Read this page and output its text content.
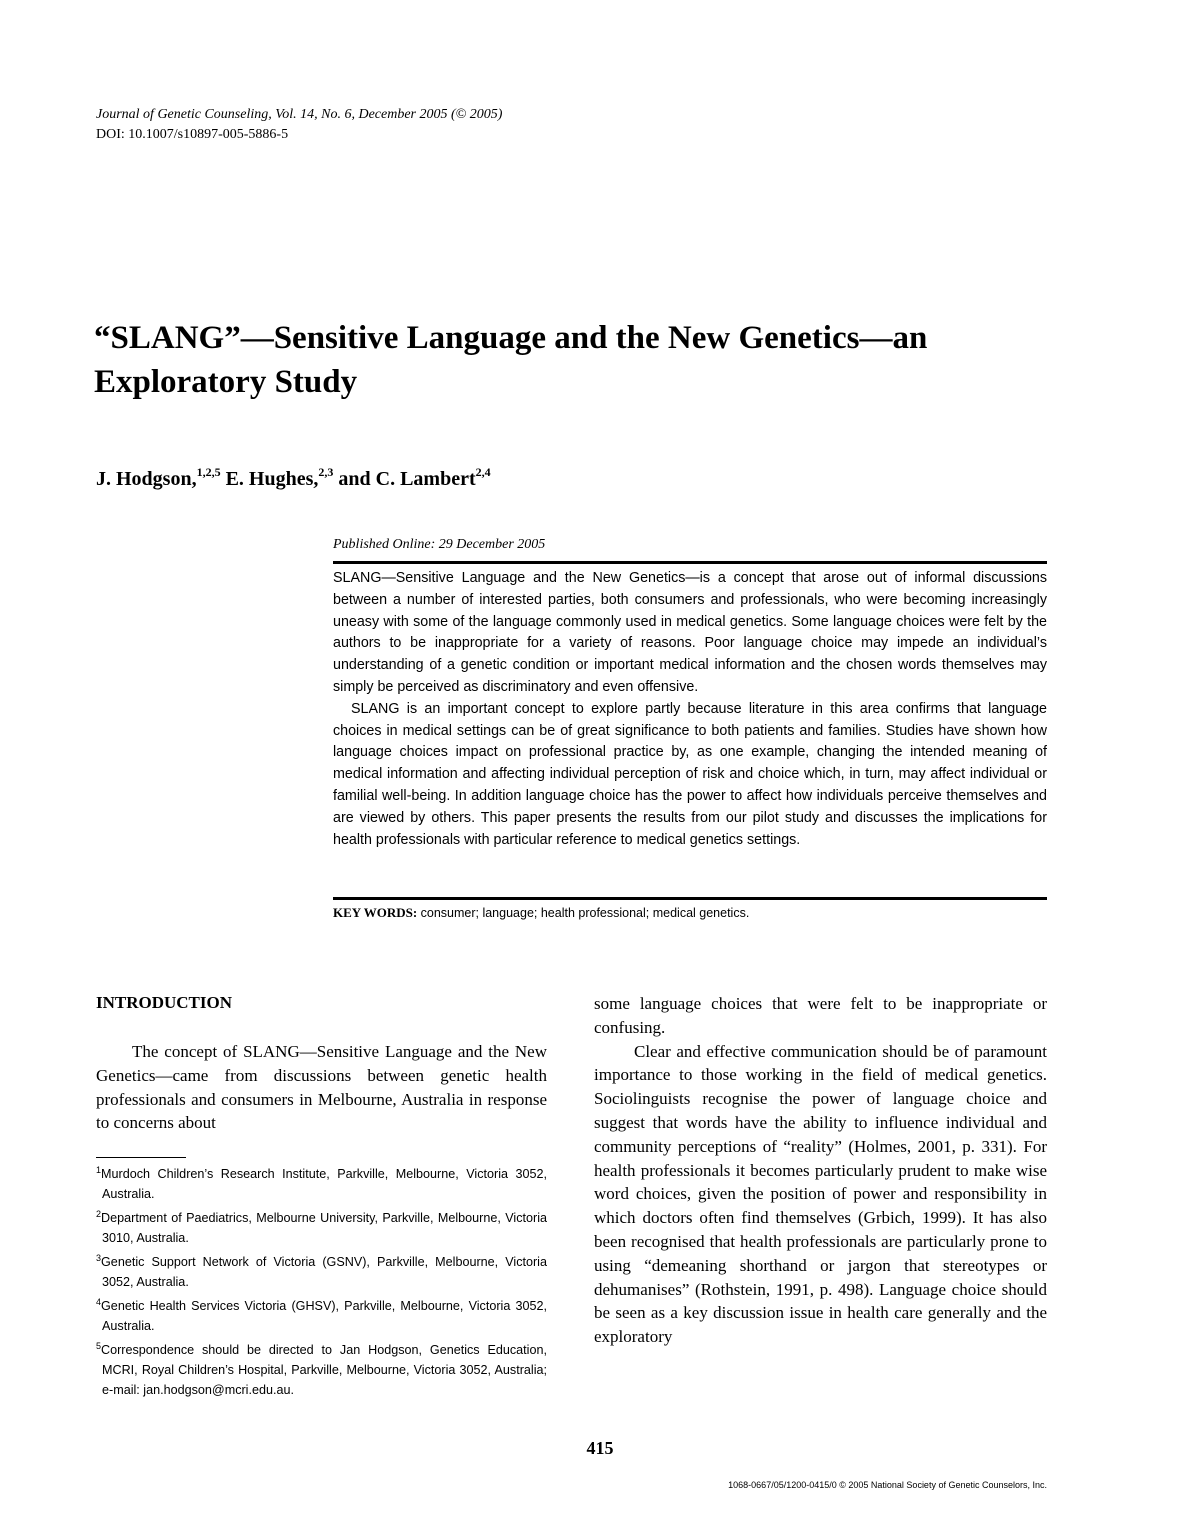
Journal of Genetic Counseling, Vol. 14, No. 6, December 2005 (© 2005)
DOI: 10.1007/s10897-005-5886-5
“SLANG”—Sensitive Language and the New Genetics—an Exploratory Study
J. Hodgson,$^{1,2,5}$ E. Hughes,$^{2,3}$ and C. Lambert$^{2,4}$
Published Online: 29 December 2005

SLANG—Sensitive Language and the New Genetics—is a concept that arose out of informal discussions between a number of interested parties, both consumers and professionals, who were becoming increasingly uneasy with some of the language commonly used in medical genetics. Some language choices were felt by the authors to be inappropriate for a variety of reasons. Poor language choice may impede an individual’s understanding of a genetic condition or important medical information and the chosen words themselves may simply be perceived as discriminatory and even offensive.

SLANG is an important concept to explore partly because literature in this area confirms that language choices in medical settings can be of great significance to both patients and families. Studies have shown how language choices impact on professional practice by, as one example, changing the intended meaning of medical information and affecting individual perception of risk and choice which, in turn, may affect individual or familial well-being. In addition language choice has the power to affect how individuals perceive themselves and are viewed by others. This paper presents the results from our pilot study and discusses the implications for health professionals with particular reference to medical genetics settings.

KEY WORDS: consumer; language; health professional; medical genetics.
INTRODUCTION

The concept of SLANG—Sensitive Language and the New Genetics—came from discussions between genetic health professionals and consumers in Melbourne, Australia in response to concerns about

$^1$Murdoch Children’s Research Institute, Parkville, Melbourne, Victoria 3052, Australia.

$^2$Department of Paediatrics, Melbourne University, Parkville, Melbourne, Victoria 3010, Australia.

$^3$Genetic Support Network of Victoria (GSNV), Parkville, Melbourne, Victoria 3052, Australia.

$^4$Genetic Health Services Victoria (GHSV), Parkville, Melbourne, Victoria 3052, Australia.

$^5$Correspondence should be directed to Jan Hodgson, Genetics Education, MCRI, Royal Children’s Hospital, Parkville, Melbourne, Victoria 3052, Australia; e-mail: jan.hodgson@mcri.edu.au.

some language choices that were felt to be inappropriate or confusing.

Clear and effective communication should be of paramount importance to those working in the field of medical genetics. Sociolinguists recognise the power of language choice and suggest that words have the ability to influence individual and community perceptions of “reality” (Holmes, 2001, p. 331). For health professionals it becomes particularly prudent to make wise word choices, given the position of power and responsibility in which doctors often find themselves (Grbich, 1999). It has also been recognised that health professionals are particularly prone to using “demeaning shorthand or jargon that stereotypes or dehumanises” (Rothstein, 1991, p. 498). Language choice should be seen as a key discussion issue in health care generally and the exploratory

415
1068-0667/05/1200-0415/0 © 2005 National Society of Genetic Counselors, Inc.
